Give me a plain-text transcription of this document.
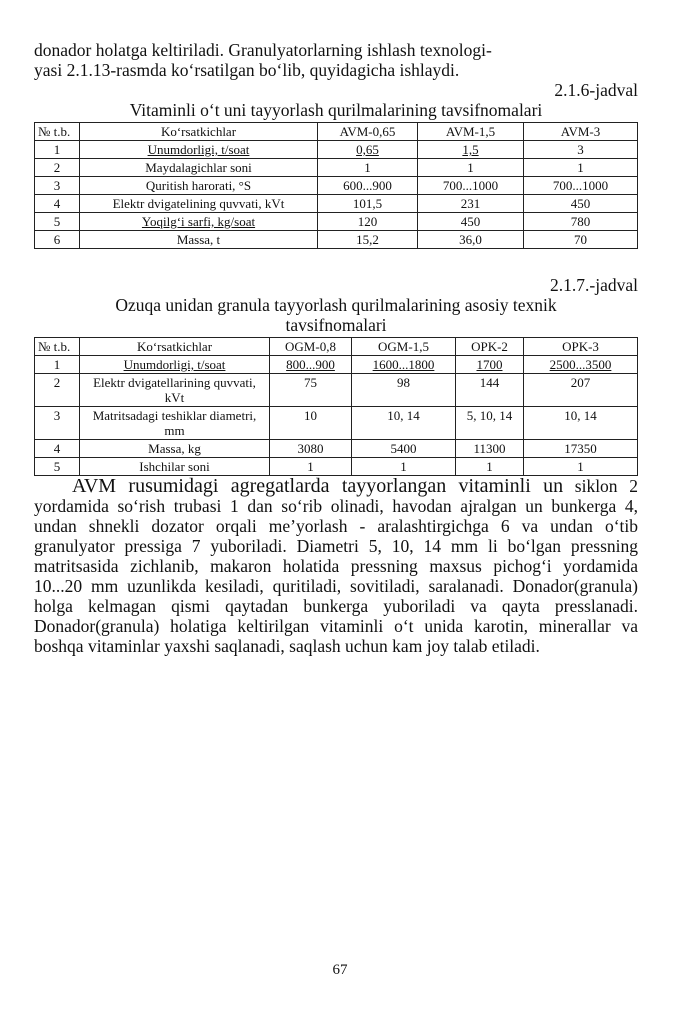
donador holatga keltiriladi. Granulyatorlarning ishlash texnologi-

yasi 2.1.13-rasmda ko‘rsatilgan bo‘lib, quyidagicha ishlaydi.

2.1.6-jadval
Vitaminli o‘t uni tayyorlash qurilmalarining tavsifnomalari
№ t.b.	Ko‘rsatkichlar	AVM-0,65	AVM-1,5	AVM-3
1	Unumdorligi, t/soat	0,65	1,5	3
2	Maydalagichlar soni	1	1	1
3	Quritish harorati, °S	600...900	700...1000	700...1000
4	Elektr dvigatelining quvvati, kVt	101,5	231	450
5	Yoqilg‘i sarfi, kg/soat	120	450	780
6	Massa, t	15,2	36,0	70
2.1.7.-jadval
Ozuqa unidan granula tayyorlash qurilmalarining asosiy texnik
tavsifnomalari
№ t.b.	Ko‘rsatkichlar	OGM-0,8	OGM-1,5	OPK-2	OPK-3
1	Unumdorligi, t/soat	800...900	1600...1800	1700	2500...3500
2	Elektr dvigatellarining quvvati, kVt	75	98	144	207
3	Matritsadagi teshiklar diametri, mm	10	10, 14	5, 10, 14	10, 14
4	Massa, kg	3080	5400	11300	17350
5	Ishchilar soni	1	1	1	1

AVM rusumidagi agregatlarda tayyorlangan vitaminli un siklon 2 yordamida so‘rish trubasi 1 dan so‘rib olinadi, havodan ajralgan un bunkerga 4, undan shnekli dozator orqali me’yorlash - aralashtirgichga 6 va undan o‘tib granulyator pressiga 7 yuboriladi. Diametri 5, 10, 14 mm li bo‘lgan pressning matritsasida zichlanib, makaron holatida pressning maxsus pichog‘i yordamida 10...20 mm uzunlikda kesiladi, quritiladi, sovitiladi, saralanadi. Donador(granula) holga kelmagan qismi qaytadan bunkerga yuboriladi va qayta presslanadi. Donador(granula) holatiga keltirilgan vitaminli o‘t unida karotin, minerallar va boshqa vitaminlar yaxshi saqlanadi, saqlash uchun kam joy talab etiladi.

67
